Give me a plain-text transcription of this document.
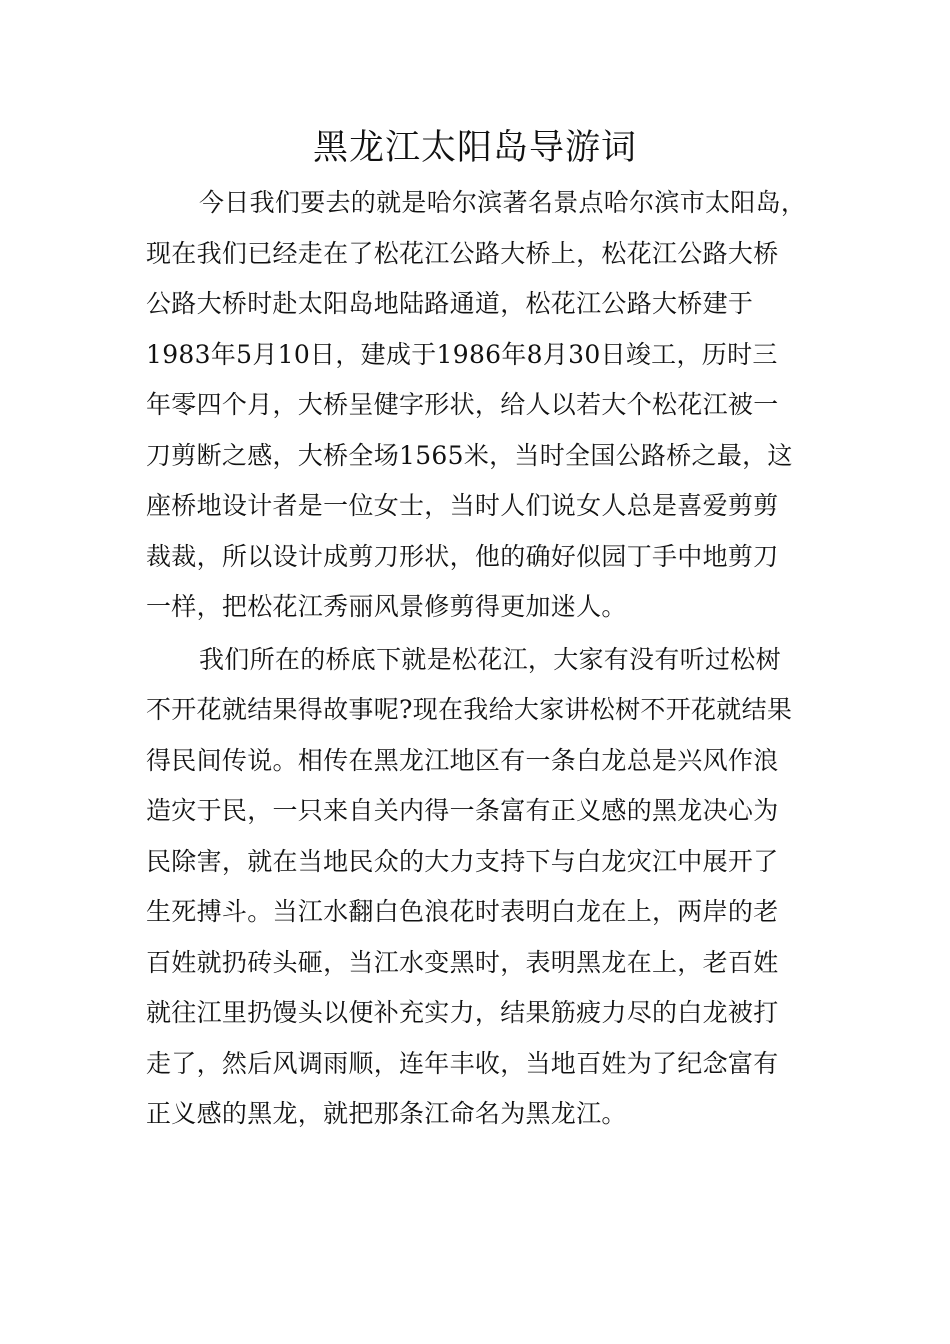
黑龙江太阳岛导游词
今日我们要去的就是哈尔滨著名景点哈尔滨市太阳岛，
现在我们已经走在了松花江公路大桥上，松花江公路大桥
公路大桥时赴太阳岛地陆路通道，松花江公路大桥建于
1983年5月10日，建成于1986年8月30日竣工，历时三
年零四个月，大桥呈健字形状，给人以若大个松花江被一
刀剪断之感，大桥全场1565米，当时全国公路桥之最，这
座桥地设计者是一位女士，当时人们说女人总是喜爱剪剪
裁裁，所以设计成剪刀形状，他的确好似园丁手中地剪刀
一样，把松花江秀丽风景修剪得更加迷人。
我们所在的桥底下就是松花江，大家有没有听过松树
不开花就结果得故事呢?现在我给大家讲松树不开花就结果
得民间传说。相传在黑龙江地区有一条白龙总是兴风作浪
造灾于民，一只来自关内得一条富有正义感的黑龙决心为
民除害，就在当地民众的大力支持下与白龙灾江中展开了
生死搏斗。当江水翻白色浪花时表明白龙在上，两岸的老
百姓就扔砖头砸，当江水变黑时，表明黑龙在上，老百姓
就往江里扔馒头以便补充实力，结果筋疲力尽的白龙被打
走了，然后风调雨顺，连年丰收，当地百姓为了纪念富有
正义感的黑龙，就把那条江命名为黑龙江。
